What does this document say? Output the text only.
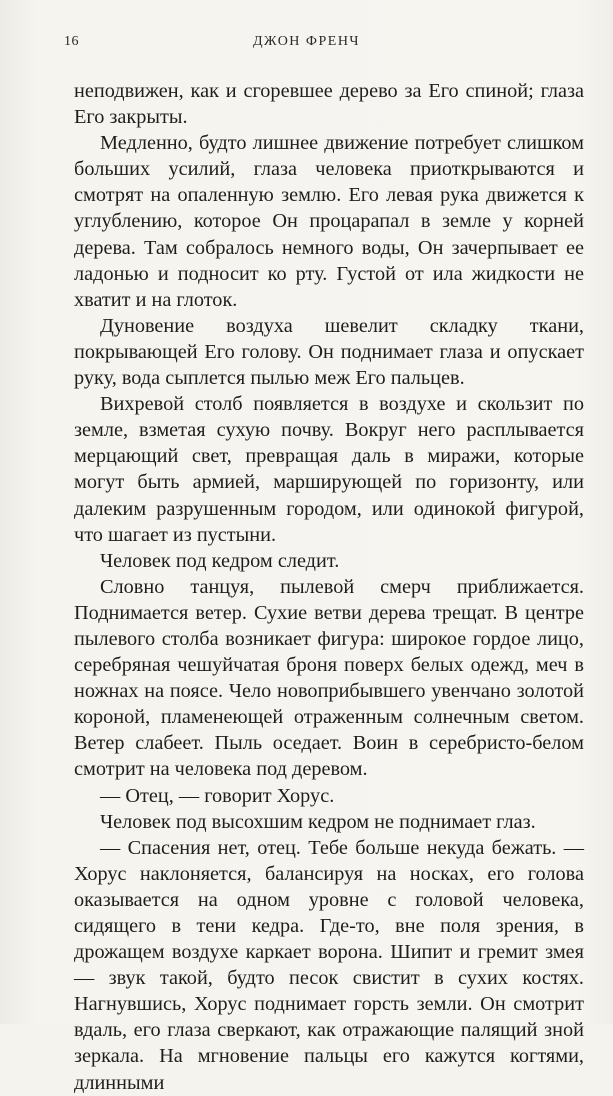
16	ДЖОН ФРЕНЧ

неподвижен, как и сгоревшее дерево за Его спиной; глаза Его закрыты.

Медленно, будто лишнее движение потребует слишком больших усилий, глаза человека приоткрываются и смотрят на опаленную землю. Его левая рука движется к углублению, которое Он процарапал в земле у корней дерева. Там собралось немного воды, Он зачерпывает ее ладонью и подносит ко рту. Густой от ила жидкости не хватит и на глоток.

Дуновение воздуха шевелит складку ткани, покрывающей Его голову. Он поднимает глаза и опускает руку, вода сыплется пылью меж Его пальцев.

Вихревой столб появляется в воздухе и скользит по земле, взметая сухую почву. Вокруг него расплывается мерцающий свет, превращая даль в миражи, которые могут быть армией, марширующей по горизонту, или далеким разрушенным городом, или одинокой фигурой, что шагает из пустыни.

Человек под кедром следит.

Словно танцуя, пылевой смерч приближается. Поднимается ветер. Сухие ветви дерева трещат. В центре пылевого столба возникает фигура: широкое гордое лицо, серебряная чешуйчатая броня поверх белых одежд, меч в ножнах на поясе. Чело новоприбывшего увенчано золотой короной, пламенеющей отраженным солнечным светом. Ветер слабеет. Пыль оседает. Воин в серебристо-белом смотрит на человека под деревом.

— Отец, — говорит Хорус.

Человек под высохшим кедром не поднимает глаз.

— Спасения нет, отец. Тебе больше некуда бежать. — Хорус наклоняется, балансируя на носках, его голова оказывается на одном уровне с головой человека, сидящего в тени кедра. Где-то, вне поля зрения, в дрожащем воздухе каркает ворона. Шипит и гремит змея — звук такой, будто песок свистит в сухих костях. Нагнувшись, Хорус поднимает горсть земли. Он смотрит вдаль, его глаза сверкают, как отражающие палящий зной зеркала. На мгновение пальцы его кажутся когтями, длинными
